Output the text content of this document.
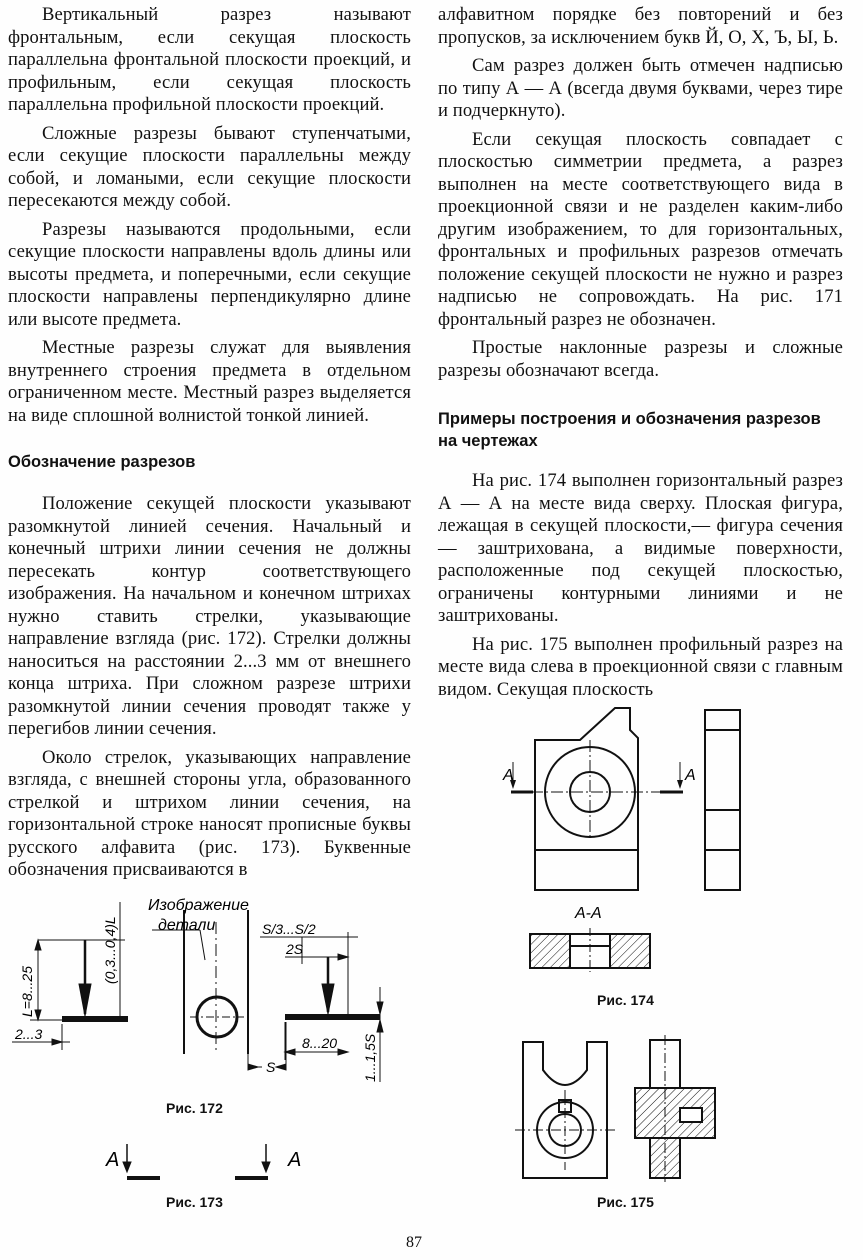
Вертикальный разрез называют фронтальным, если секущая плоскость параллельна фронтальной плоскости проекций, и профильным, если секущая плоскость параллельна профильной плоскости проекций.

Сложные разрезы бывают ступенчатыми, если секущие плоскости параллельны между собой, и ломаными, если секущие плоскости пересекаются между собой.

Разрезы называются продольными, если секущие плоскости направлены вдоль длины или высоты предмета, и поперечными, если секущие плоскости направлены перпендикулярно длине или высоте предмета.

Местные разрезы служат для выявления внутреннего строения предмета в отдельном ограниченном месте. Местный разрез выделяется на виде сплошной волнистой тонкой линией.

Обозначение разрезов

Положение секущей плоскости указывают разомкнутой линией сечения. Начальный и конечный штрихи линии сечения не должны пересекать контур соответствующего изображения. На начальном и конечном штрихах нужно ставить стрелки, указывающие направление взгляда (рис. 172). Стрелки должны наноситься на расстоянии 2...3 мм от внешнего конца штриха. При сложном разрезе штрихи разомкнутой линии сечения проводят также у перегибов линии сечения.

Около стрелок, указывающих направление взгляда, с внешней стороны угла, образованного стрелкой и штрихом линии сечения, на горизонтальной строке наносят прописные буквы русского алфавита (рис. 173). Буквенные обозначения присваиваются в

алфавитном порядке без повторений и без пропусков, за исключением букв Й, О, Х, Ъ, Ы, Ь.

Сам разрез должен быть отмечен надписью по типу А — А (всегда двумя буквами, через тире и подчеркнуто).

Если секущая плоскость совпадает с плоскостью симметрии предмета, а разрез выполнен на месте соответствующего вида в проекционной связи и не разделен каким-либо другим изображением, то для горизонтальных, фронтальных и профильных разрезов отмечать положение секущей плоскости не нужно и разрез надписью не сопровождать. На рис. 171 фронтальный разрез не обозначен.

Простые наклонные разрезы и сложные разрезы обозначают всегда.

Примеры построения и обозначения разрезов на чертежах

На рис. 174 выполнен горизонтальный разрез А — А на месте вида сверху. Плоская фигура, лежащая в секущей плоскости,— фигура сечения — заштрихована, а видимые поверхности, расположенные под секущей плоскостью, ограничены контурными линиями и не заштрихованы.

На рис. 175 выполнен профильный разрез на месте вида слева в проекционной связи с главным видом. Секущая плоскость

Изображение
детали
L=8...25
(0,3...0,4)L
2...3
S/3...S/2
2S
8...20 1...1,5S
S
Рис. 172
А	А
Рис. 173
А	А
А-А
Рис. 174
Рис. 175
87
